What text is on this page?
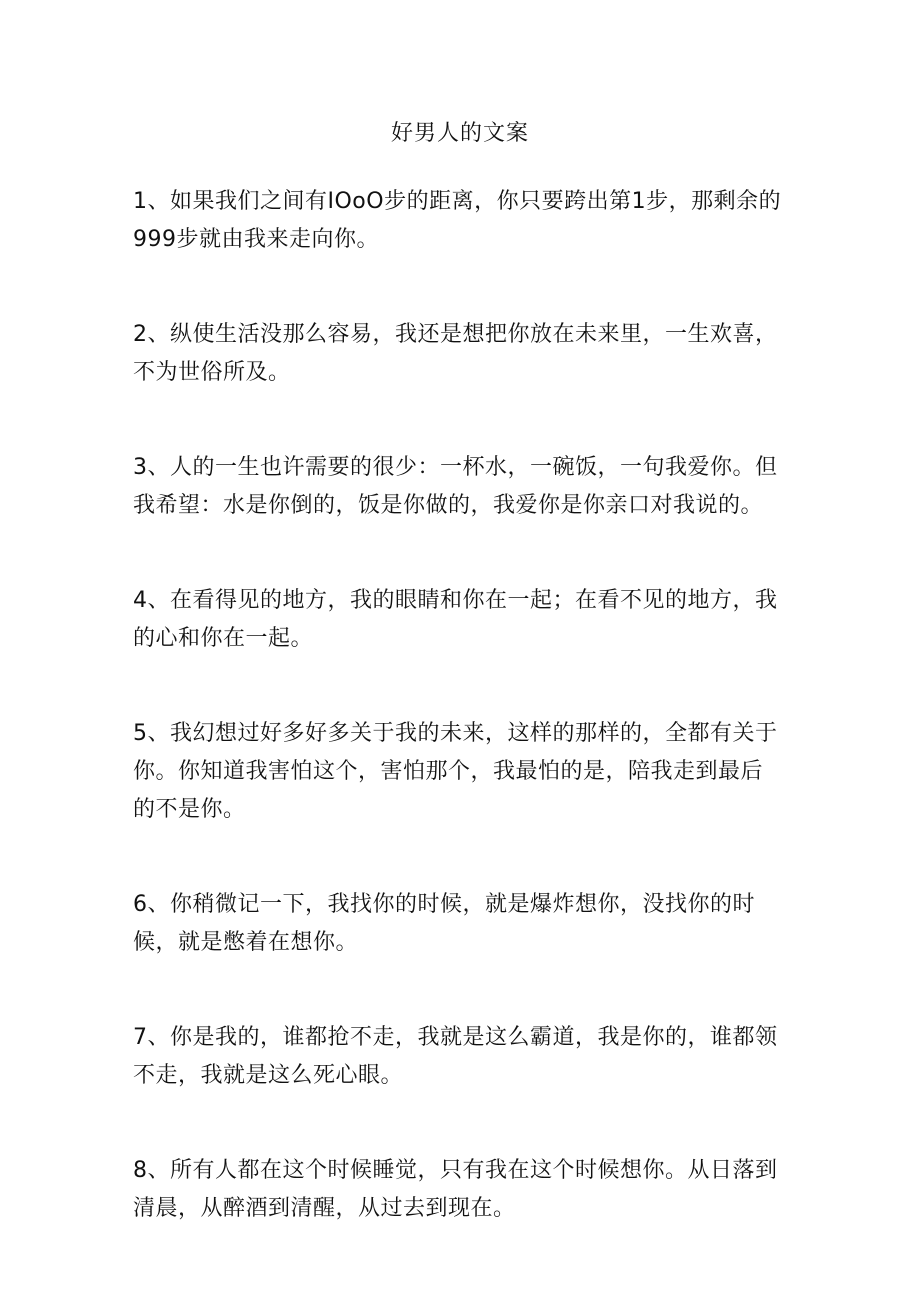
好男人的文案

1、如果我们之间有IOoO步的距离，你只要跨出第1步，那剩余的999步就由我来走向你。

2、纵使生活没那么容易，我还是想把你放在未来里，一生欢喜，不为世俗所及。

3、人的一生也许需要的很少：一杯水，一碗饭，一句我爱你。但我希望：水是你倒的，饭是你做的，我爱你是你亲口对我说的。

4、在看得见的地方，我的眼睛和你在一起；在看不见的地方，我的心和你在一起。

5、我幻想过好多好多关于我的未来，这样的那样的，全都有关于你。你知道我害怕这个，害怕那个，我最怕的是，陪我走到最后的不是你。

6、你稍微记一下，我找你的时候，就是爆炸想你，没找你的时候，就是憋着在想你。

7、你是我的，谁都抢不走，我就是这么霸道，我是你的，谁都领不走，我就是这么死心眼。

8、所有人都在这个时候睡觉，只有我在这个时候想你。从日落到清晨，从醉酒到清醒，从过去到现在。
